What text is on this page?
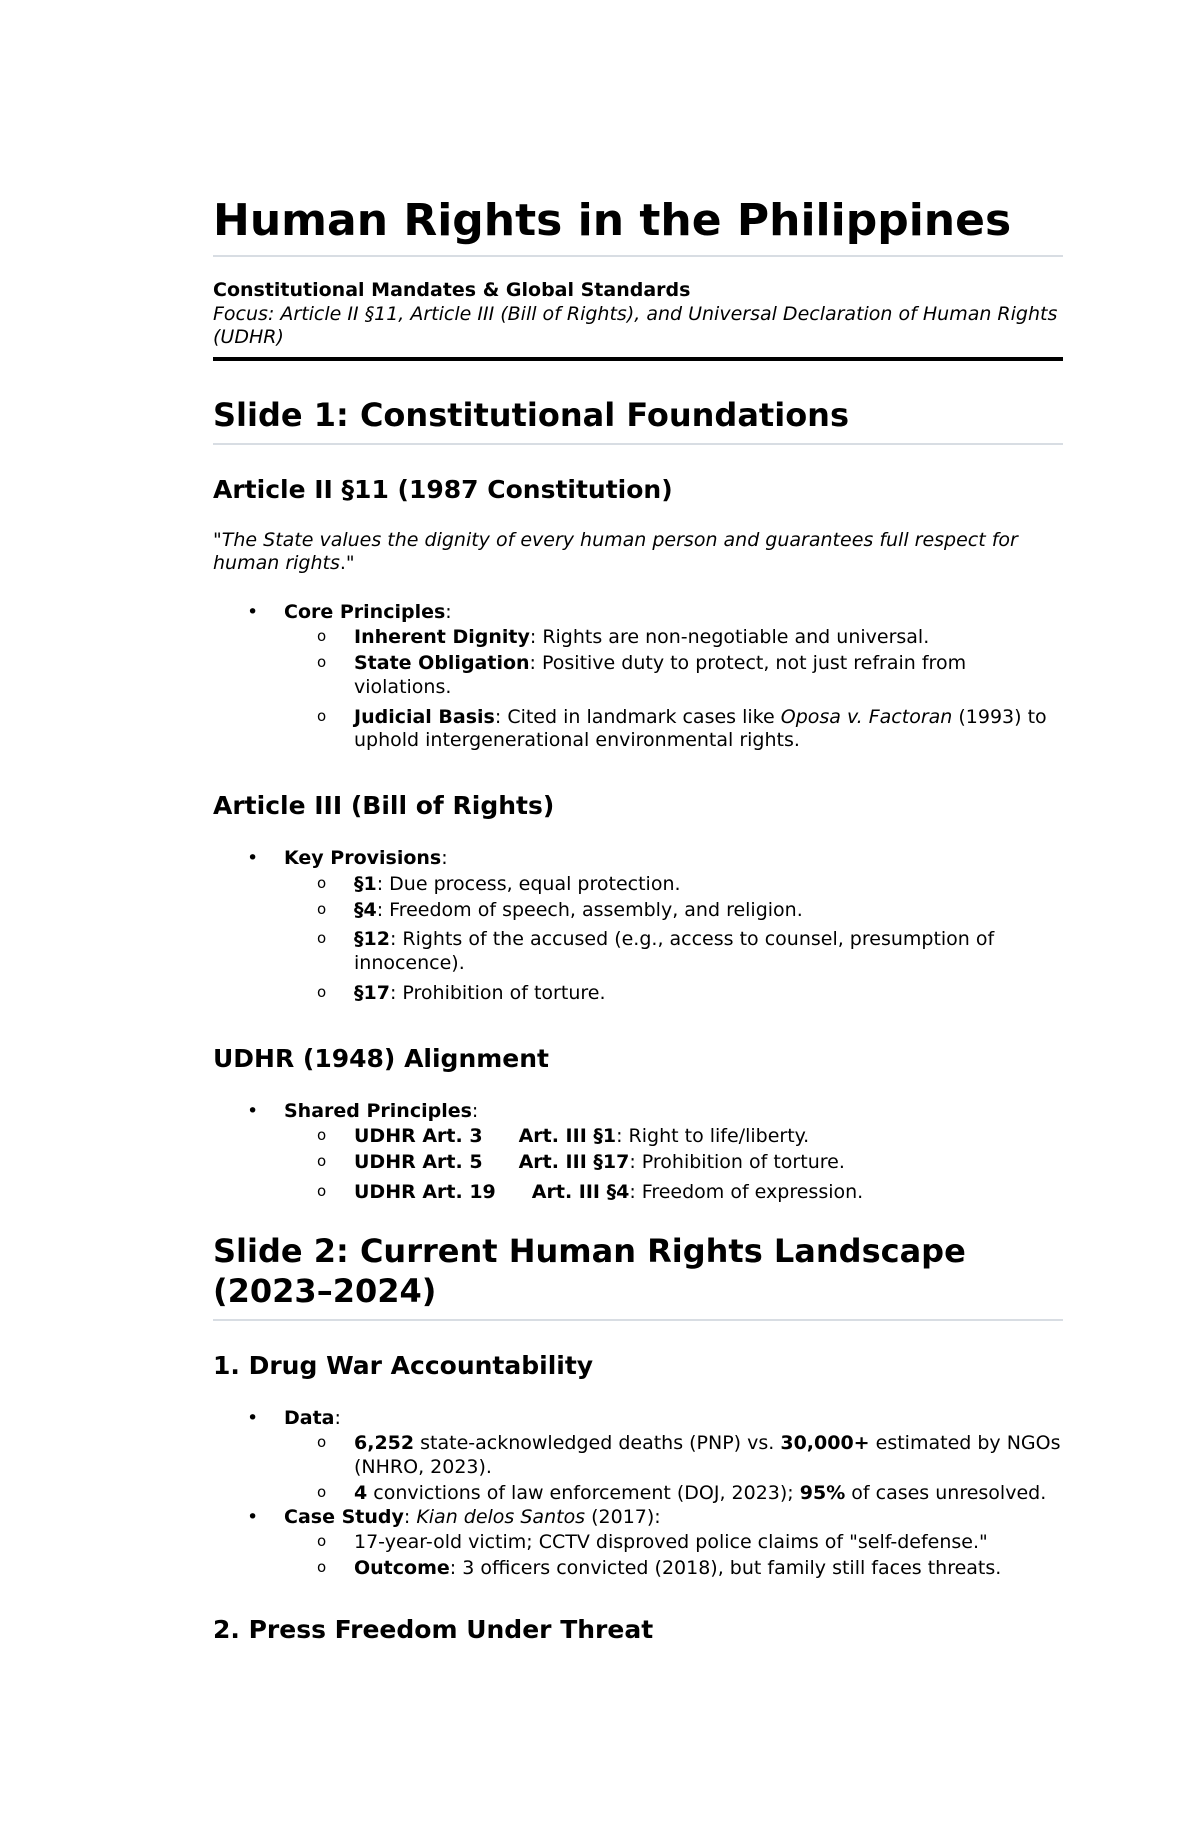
Human Rights in the Philippines
Constitutional Mandates & Global Standards
Focus: Article II §11, Article III (Bill of Rights), and Universal Declaration of Human Rights (UDHR)
Slide 1: Constitutional Foundations
Article II §11 (1987 Constitution)
"The State values the dignity of every human person and guarantees full respect for human rights."
• Core Principles:
o Inherent Dignity: Rights are non-negotiable and universal.
o State Obligation: Positive duty to protect, not just refrain from violations.
o Judicial Basis: Cited in landmark cases like Oposa v. Factoran (1993) to uphold intergenerational environmental rights.
Article III (Bill of Rights)
• Key Provisions:
o §1: Due process, equal protection.
o §4: Freedom of speech, assembly, and religion.
o §12: Rights of the accused (e.g., access to counsel, presumption of innocence).
o §17: Prohibition of torture.
UDHR (1948) Alignment
• Shared Principles:
o UDHR Art. 3 Art. III §1: Right to life/liberty.
o UDHR Art. 5 Art. III §17: Prohibition of torture.
o UDHR Art. 19 Art. III §4: Freedom of expression.
Slide 2: Current Human Rights Landscape (2023–2024)
1. Drug War Accountability
• Data:
o 6,252 state-acknowledged deaths (PNP) vs. 30,000+ estimated by NGOs (NHRO, 2023).
o 4 convictions of law enforcement (DOJ, 2023); 95% of cases unresolved.
• Case Study: Kian delos Santos (2017):
o 17-year-old victim; CCTV disproved police claims of "self-defense."
o Outcome: 3 officers convicted (2018), but family still faces threats.
2. Press Freedom Under Threat
